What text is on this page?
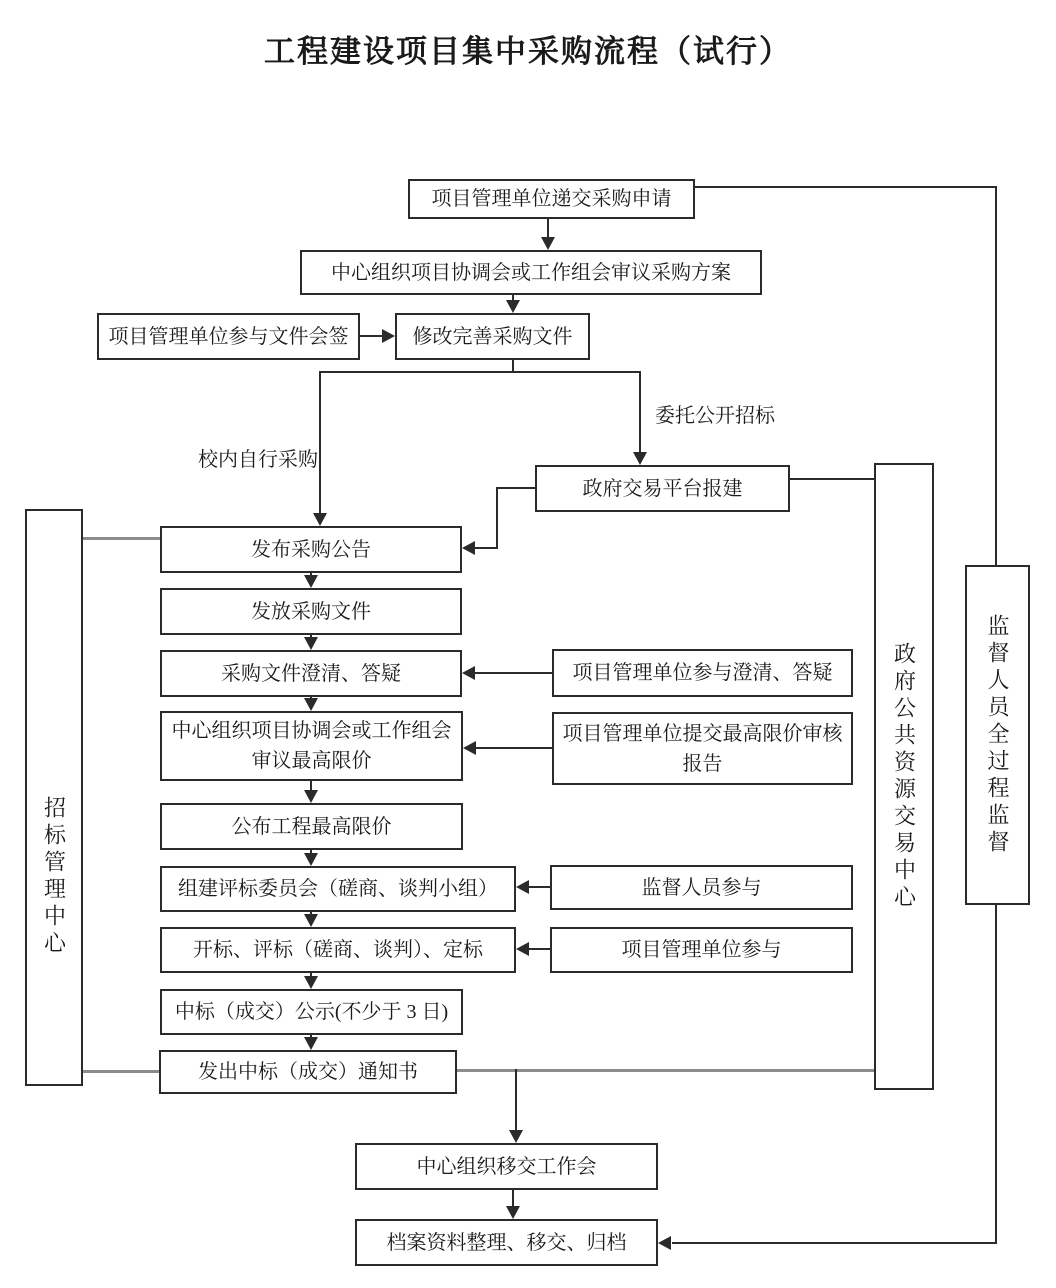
工程建设项目集中采购流程（试行）
项目管理单位递交采购申请
中心组织项目协调会或工作组会审议采购方案
项目管理单位参与文件会签	修改完善采购文件
政府交易平台报建
发布采购公告
发放采购文件
采购文件澄清、答疑
中心组织项目协调会或工作组会审议最高限价
公布工程最高限价
组建评标委员会（磋商、谈判小组）
开标、评标（磋商、谈判）、定标
中标（成交）公示(不少于 3 日)
发出中标（成交）通知书
中心组织移交工作会
档案资料整理、移交、归档
项目管理单位参与澄清、答疑
项目管理单位提交最高限价审核报告
监督人员参与
项目管理单位参与
招标管理中心	政府公共资源交易中心	监督人员全过程监督
校内自行采购
委托公开招标
